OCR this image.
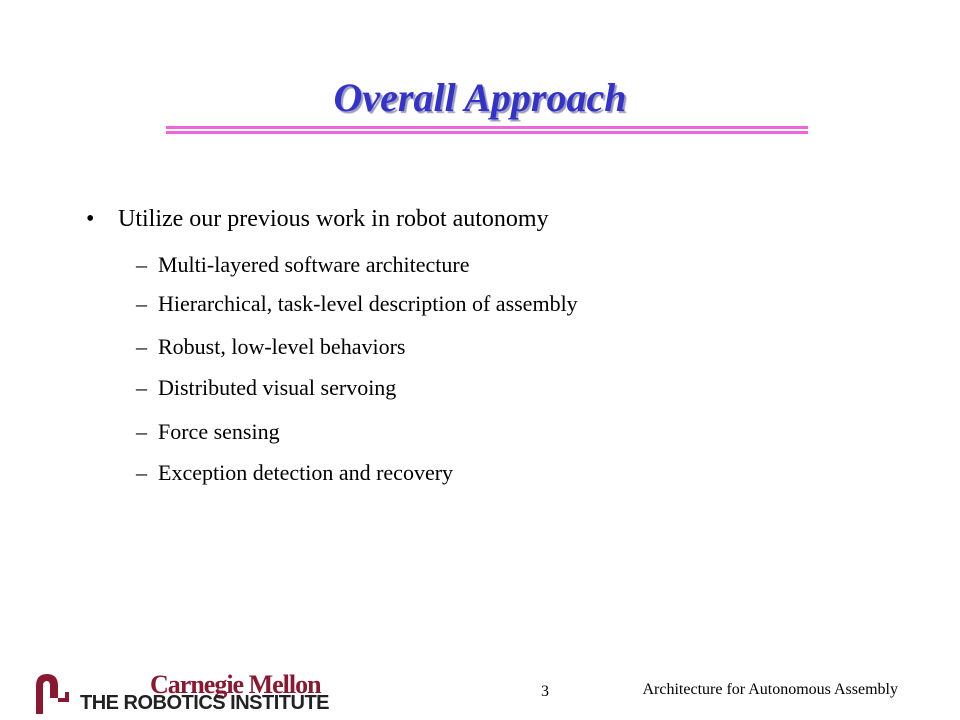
Overall Approach
• Utilize our previous work in robot autonomy
– Multi-layered software architecture
– Hierarchical, task-level description of assembly
– Robust, low-level behaviors
– Distributed visual servoing
– Force sensing
– Exception detection and recovery
Carnegie Mellon
THE ROBOTICS INSTITUTE
3	Architecture for Autonomous Assembly
